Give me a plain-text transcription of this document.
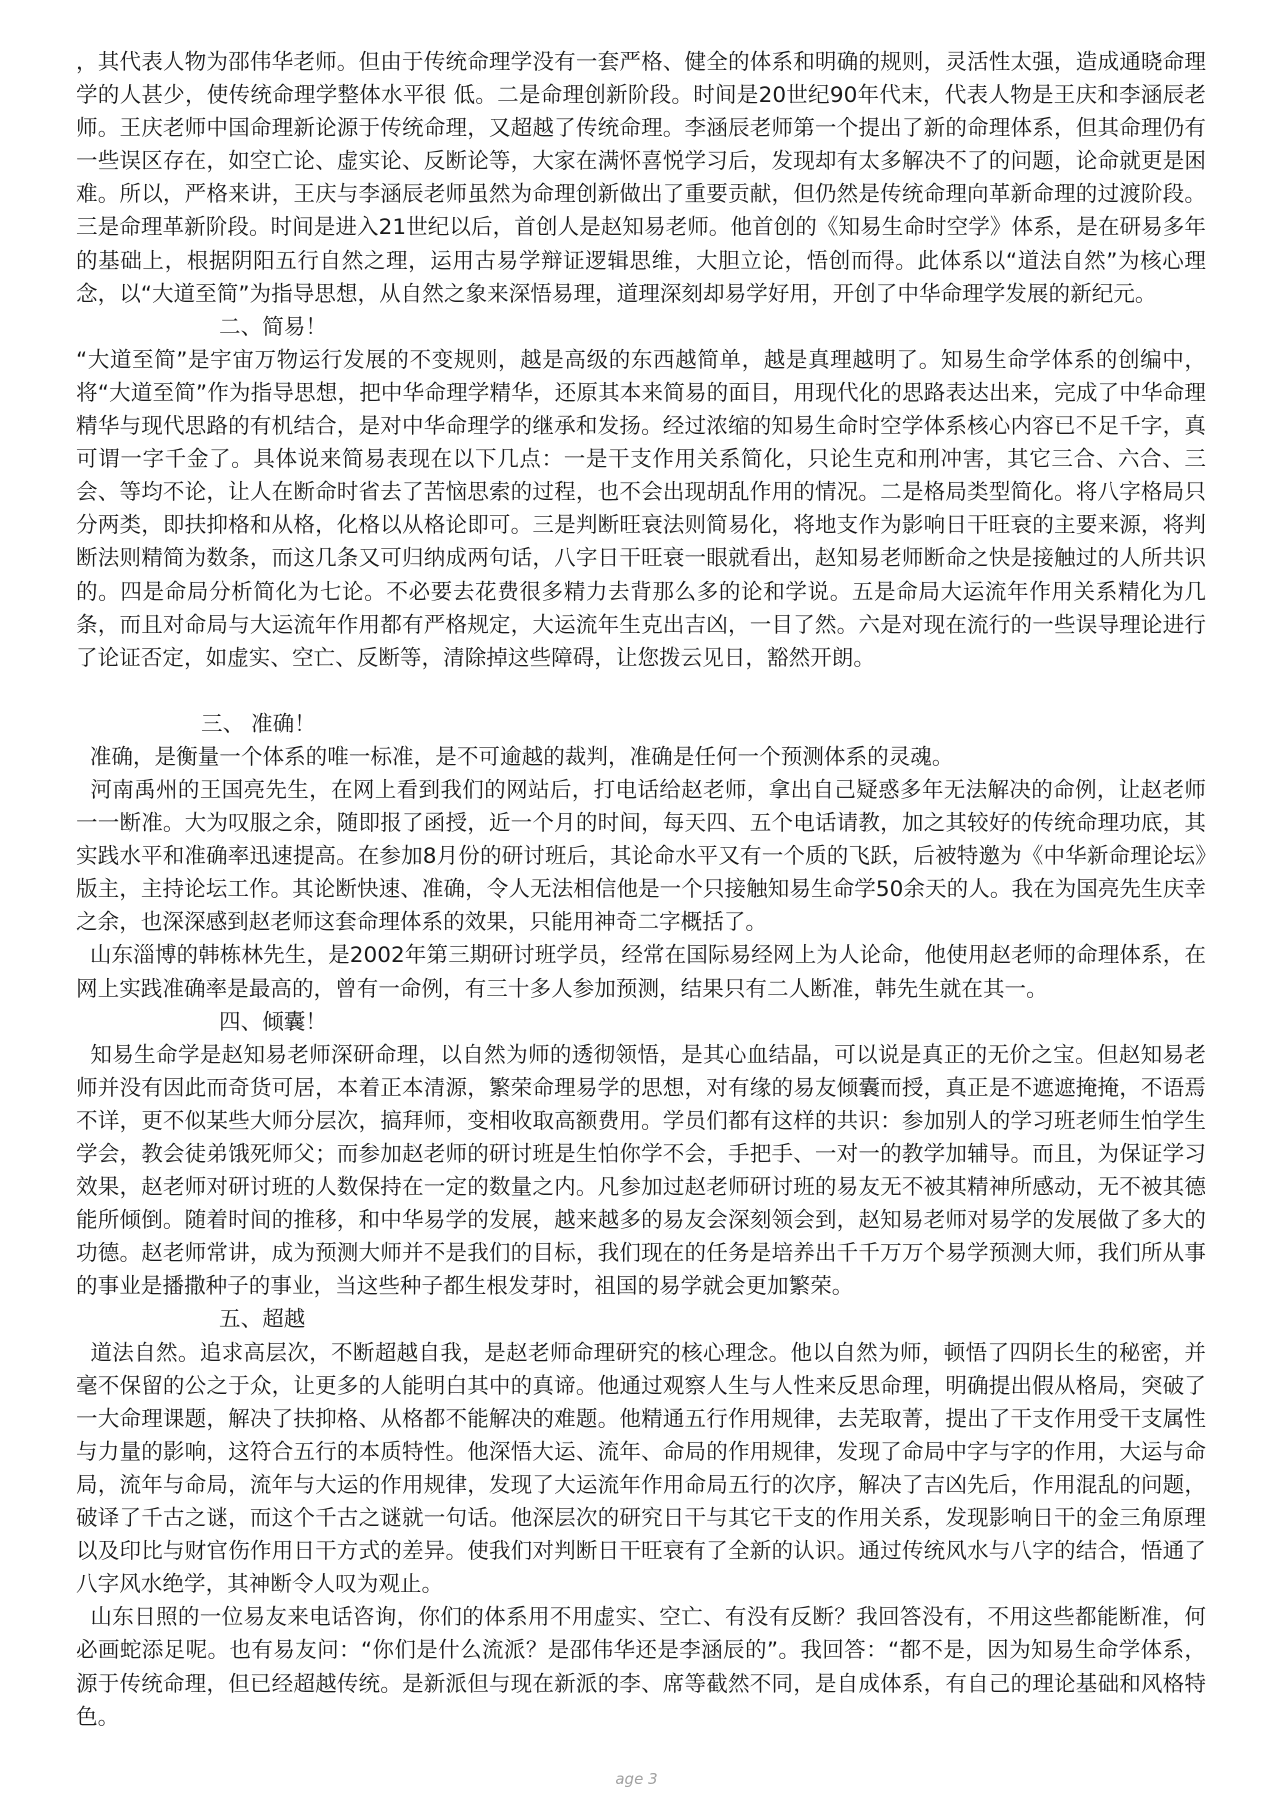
，其代表人物为邵伟华老师。但由于传统命理学没有一套严格、健全的体系和明确的规则，灵活性太强，造成通晓命理学的人甚少，使传统命理学整体水平很 低。二是命理创新阶段。时间是20世纪90年代末，代表人物是王庆和李涵辰老师。王庆老师中国命理新论源于传统命理，又超越了传统命理。李涵辰老师第一个提出了新的命理体系，但其命理仍有一些误区存在，如空亡论、虚实论、反断论等，大家在满怀喜悦学习后，发现却有太多解决不了的问题，论命就更是困难。所以，严格来讲，王庆与李涵辰老师虽然为命理创新做出了重要贡献，但仍然是传统命理向革新命理的过渡阶段。三是命理革新阶段。时间是进入21世纪以后，首创人是赵知易老师。他首创的《知易生命时空学》体系，是在研易多年的基础上，根据阴阳五行自然之理，运用古易学辩证逻辑思维，大胆立论，悟创而得。此体系以“道法自然”为核心理念，以“大道至简”为指导思想，从自然之象来深悟易理，道理深刻却易学好用，开创了中华命理学发展的新纪元。

二、简易！

“大道至简”是宇宙万物运行发展的不变规则，越是高级的东西越简单，越是真理越明了。知易生命学体系的创编中，将“大道至简”作为指导思想，把中华命理学精华，还原其本来简易的面目，用现代化的思路表达出来，完成了中华命理精华与现代思路的有机结合，是对中华命理学的继承和发扬。经过浓缩的知易生命时空学体系核心内容已不足千字，真可谓一字千金了。具体说来简易表现在以下几点：一是干支作用关系简化，只论生克和刑冲害，其它三合、六合、三会、等均不论，让人在断命时省去了苦恼思索的过程，也不会出现胡乱作用的情况。二是格局类型简化。将八字格局只分两类，即扶抑格和从格，化格以从格论即可。三是判断旺衰法则简易化，将地支作为影响日干旺衰的主要来源，将判断法则精简为数条，而这几条又可归纳成两句话，八字日干旺衰一眼就看出，赵知易老师断命之快是接触过的人所共识的。四是命局分析简化为七论。不必要去花费很多精力去背那么多的论和学说。五是命局大运流年作用关系精化为几条，而且对命局与大运流年作用都有严格规定，大运流年生克出吉凶，一目了然。六是对现在流行的一些误导理论进行了论证否定，如虚实、空亡、反断等，清除掉这些障碍，让您拨云见日，豁然开朗。

三、 准确！

准确，是衡量一个体系的唯一标准，是不可逾越的裁判，准确是任何一个预测体系的灵魂。

河南禹州的王国亮先生，在网上看到我们的网站后，打电话给赵老师，拿出自己疑惑多年无法解决的命例，让赵老师一一断准。大为叹服之余，随即报了函授，近一个月的时间，每天四、五个电话请教，加之其较好的传统命理功底，其实践水平和准确率迅速提高。在参加8月份的研讨班后，其论命水平又有一个质的飞跃，后被特邀为《中华新命理论坛》版主，主持论坛工作。其论断快速、准确，令人无法相信他是一个只接触知易生命学50余天的人。我在为国亮先生庆幸之余，也深深感到赵老师这套命理体系的效果，只能用神奇二字概括了。

山东淄博的韩栋林先生，是2002年第三期研讨班学员，经常在国际易经网上为人论命，他使用赵老师的命理体系，在网上实践准确率是最高的，曾有一命例，有三十多人参加预测，结果只有二人断准，韩先生就在其一。

四、倾囊！

知易生命学是赵知易老师深研命理，以自然为师的透彻领悟，是其心血结晶，可以说是真正的无价之宝。但赵知易老师并没有因此而奇货可居，本着正本清源，繁荣命理易学的思想，对有缘的易友倾囊而授，真正是不遮遮掩掩，不语焉不详，更不似某些大师分层次，搞拜师，变相收取高额费用。学员们都有这样的共识：参加别人的学习班老师生怕学生学会，教会徒弟饿死师父；而参加赵老师的研讨班是生怕你学不会，手把手、一对一的教学加辅导。而且，为保证学习效果，赵老师对研讨班的人数保持在一定的数量之内。凡参加过赵老师研讨班的易友无不被其精神所感动，无不被其德能所倾倒。随着时间的推移，和中华易学的发展，越来越多的易友会深刻领会到，赵知易老师对易学的发展做了多大的功德。赵老师常讲，成为预测大师并不是我们的目标，我们现在的任务是培养出千千万万个易学预测大师，我们所从事的事业是播撒种子的事业，当这些种子都生根发芽时，祖国的易学就会更加繁荣。

五、超越

道法自然。追求高层次，不断超越自我，是赵老师命理研究的核心理念。他以自然为师，顿悟了四阴长生的秘密，并毫不保留的公之于众，让更多的人能明白其中的真谛。他通过观察人生与人性来反思命理，明确提出假从格局，突破了一大命理课题，解决了扶抑格、从格都不能解决的难题。他精通五行作用规律，去芜取菁，提出了干支作用受干支属性与力量的影响，这符合五行的本质特性。他深悟大运、流年、命局的作用规律，发现了命局中字与字的作用，大运与命局，流年与命局，流年与大运的作用规律，发现了大运流年作用命局五行的次序，解决了吉凶先后，作用混乱的问题，破译了千古之谜，而这个千古之谜就一句话。他深层次的研究日干与其它干支的作用关系，发现影响日干的金三角原理以及印比与财官伤作用日干方式的差异。使我们对判断日干旺衰有了全新的认识。通过传统风水与八字的结合，悟通了八字风水绝学，其神断令人叹为观止。

山东日照的一位易友来电话咨询，你们的体系用不用虚实、空亡、有没有反断？我回答没有，不用这些都能断准，何必画蛇添足呢。也有易友问：“你们是什么流派？是邵伟华还是李涵辰的”。我回答：“都不是，因为知易生命学体系，源于传统命理，但已经超越传统。是新派但与现在新派的李、席等截然不同，是自成体系，有自己的理论基础和风格特色。

age 3
